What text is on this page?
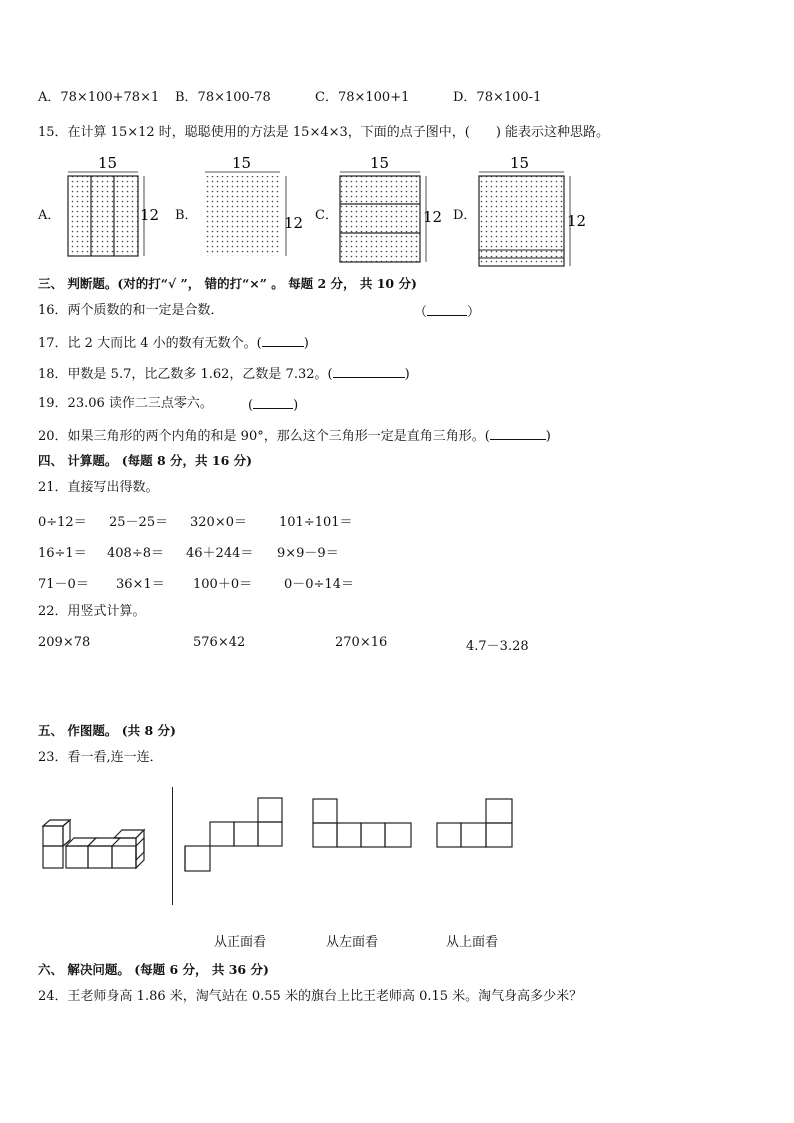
A．78×100+78×1 B．78×100-78	C．78×100+1	D．78×100-1
15．在计算 15×12 时，聪聪使用的方法是 15×4×3，下面的点子图中，(　　) 能表示这种思路。
A．	B．	C．	D．
15
12
15
12
15
12
15
12
三、 判断题。(对的打“√ ”， 错的打“×” 。 每题 2 分， 共 10 分)
16．两个质数的和一定是合数．	（	）
17．比 2 大而比 4 小的数有无数个。(	)
18．甲数是 5.7，比乙数多 1.62，乙数是 7.32。(	)
19．23.06 读作二三点零六。	(	)
20．如果三角形的两个内角的和是 90°，那么这个三角形一定是直角三角形。(	)
四、 计算题。 (每题 8 分，共 16 分)
21．直接写出得数。
0÷12＝ 25－25＝ 320×0＝ 101÷101＝
16÷1＝ 408÷8＝ 46＋244＝ 9×9－9＝
71－0＝ 36×1＝ 100＋0＝ 0－0÷14＝
22．用竖式计算。
209×78	576×42	270×16	4.7－3.28
五、 作图题。 (共 8 分)
23．看一看,连一连．
从正面看	从左面看	从上面看
六、 解决问题。 (每题 6 分， 共 36 分)
24．王老师身高 1.86 米，淘气站在 0.55 米的旗台上比王老师高 0.15 米。淘气身高多少米？
